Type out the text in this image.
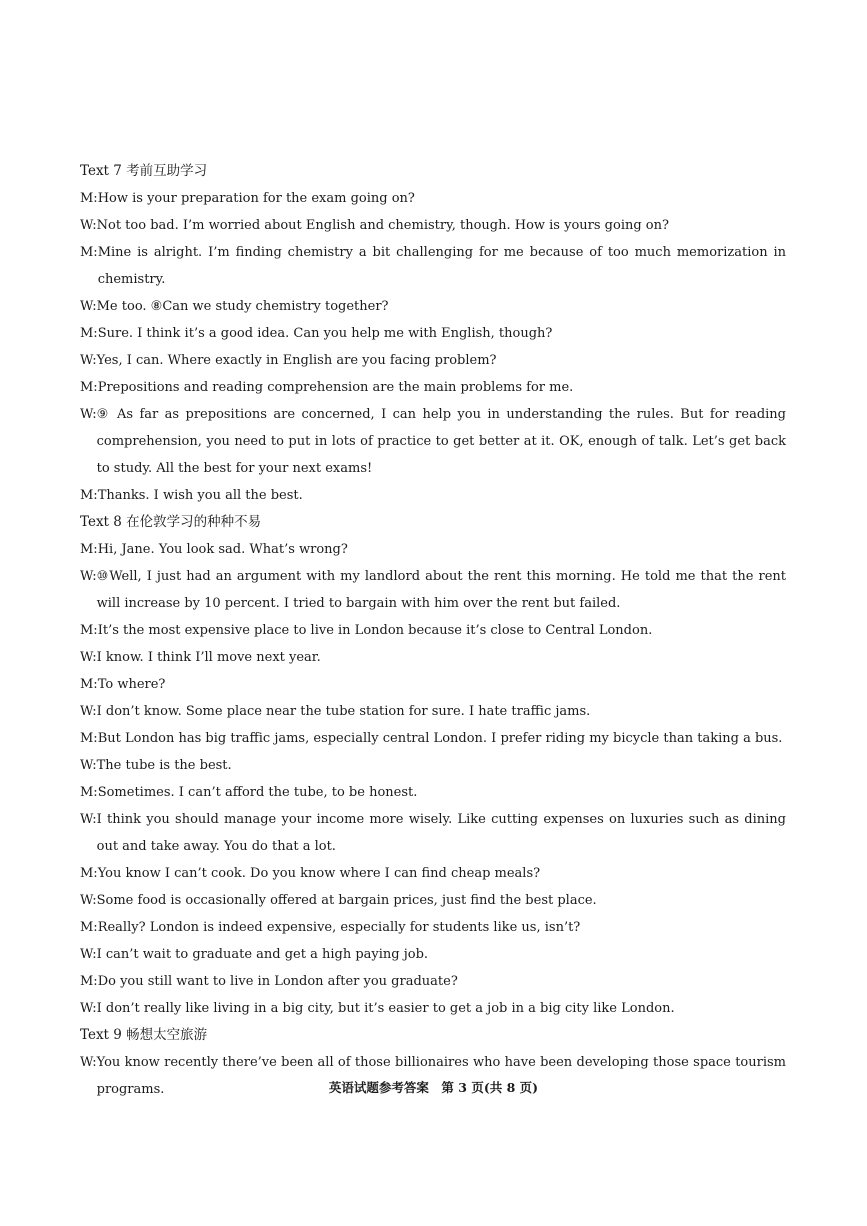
Text 7 考前互助学习
M: How is your preparation for the exam going on?
W: Not too bad. I’m worried about English and chemistry, though. How is yours going on?
M: Mine is alright. I’m finding chemistry a bit challenging for me because of too much memorization in chemistry.
W: Me too. ⑧Can we study chemistry together?
M: Sure. I think it’s a good idea. Can you help me with English, though?
W: Yes, I can. Where exactly in English are you facing problem?
M: Prepositions and reading comprehension are the main problems for me.
W: ⑨ As far as prepositions are concerned, I can help you in understanding the rules. But for reading comprehension, you need to put in lots of practice to get better at it. OK, enough of talk. Let’s get back to study. All the best for your next exams!
M: Thanks. I wish you all the best.
Text 8 在伦敦学习的种种不易
M: Hi, Jane. You look sad. What’s wrong?
W: ⑩Well, I just had an argument with my landlord about the rent this morning. He told me that the rent will increase by 10 percent. I tried to bargain with him over the rent but failed.
M: It’s the most expensive place to live in London because it’s close to Central London.
W: I know. I think I’ll move next year.
M: To where?
W: I don’t know. Some place near the tube station for sure. I hate traffic jams.
M: But London has big traffic jams, especially central London. I prefer riding my bicycle than taking a bus.
W: The tube is the best.
M: Sometimes. I can’t afford the tube, to be honest.
W: I think you should manage your income more wisely. Like cutting expenses on luxuries such as dining out and take away. You do that a lot.
M: You know I can’t cook. Do you know where I can find cheap meals?
W: Some food is occasionally offered at bargain prices, just find the best place.
M: Really? London is indeed expensive, especially for students like us, isn’t?
W: I can’t wait to graduate and get a high paying job.
M: Do you still want to live in London after you graduate?
W: I don’t really like living in a big city, but it’s easier to get a job in a big city like London.
Text 9 畅想太空旅游
W: You know recently there’ve been all of those billionaires who have been developing those space tourism programs.	英语试题参考答案　第 3 页(共 8 页)
